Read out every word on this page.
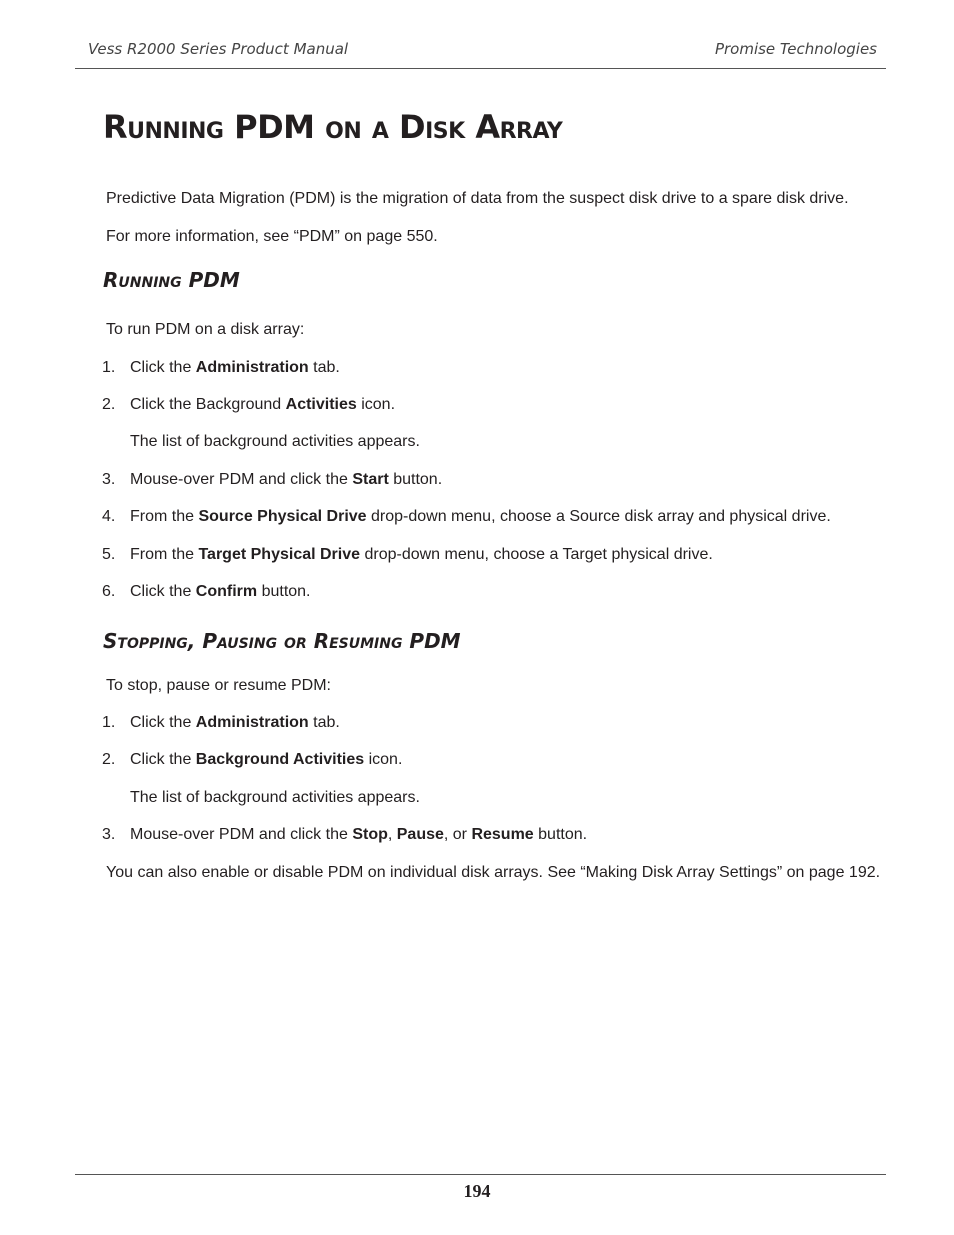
Vess R2000 Series Product Manual	Promise Technologies
Running PDM on a Disk Array

Predictive Data Migration (PDM) is the migration of data from the suspect disk drive to a spare disk drive.

For more information, see “PDM” on page 550.

Running PDM

To run PDM on a disk array:

1. Click the Administration tab.

2. Click the Background Activities icon.

The list of background activities appears.

3. Mouse-over PDM and click the Start button.

4. From the Source Physical Drive drop-down menu, choose a Source disk array and physical drive.

5. From the Target Physical Drive drop-down menu, choose a Target physical drive.

6. Click the Confirm button.

Stopping, Pausing or Resuming PDM

To stop, pause or resume PDM:

1. Click the Administration tab.

2. Click the Background Activities icon.

The list of background activities appears.

3. Mouse-over PDM and click the Stop, Pause, or Resume button.

You can also enable or disable PDM on individual disk arrays. See “Making Disk Array Settings” on page 192.

194
